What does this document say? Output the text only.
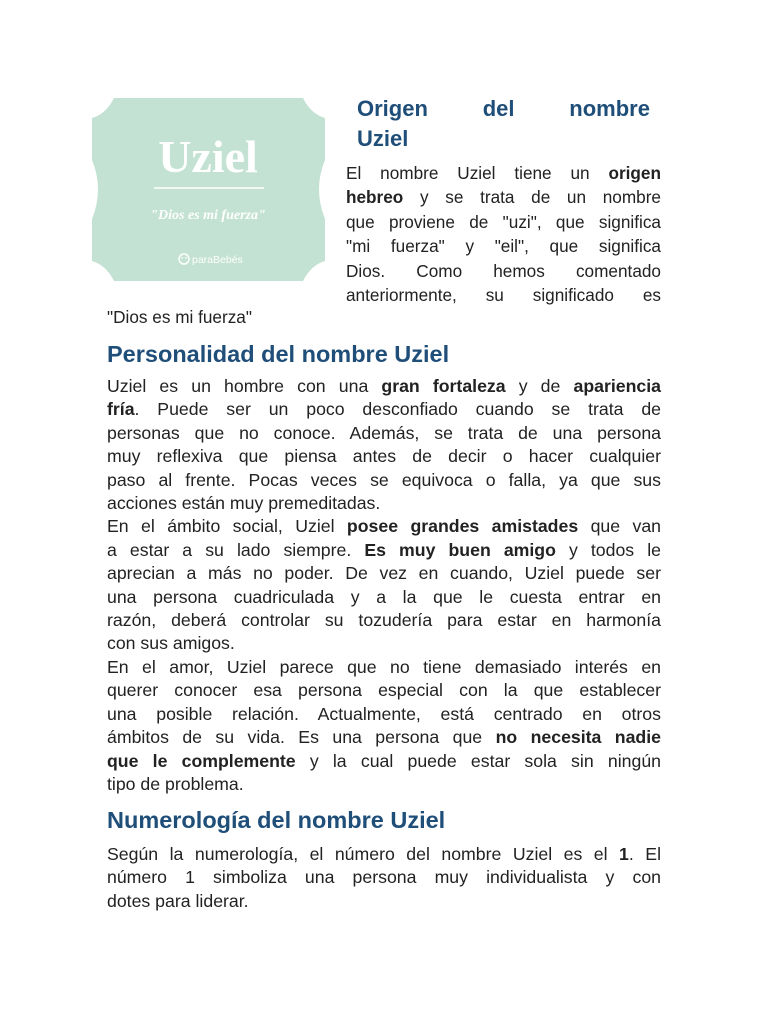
Uziel
"Dios es mi fuerza"
paraBebés
Origen del nombre
Uziel
El nombre Uziel tiene un origen
hebreo y se trata de un nombre
que proviene de "uzi", que significa
"mi fuerza" y "eil", que significa
Dios. Como hemos comentado
anteriormente, su significado es
"Dios es mi fuerza"
Personalidad del nombre Uziel
Uziel es un hombre con una gran fortaleza y de apariencia
fría. Puede ser un poco desconfiado cuando se trata de
personas que no conoce. Además, se trata de una persona
muy reflexiva que piensa antes de decir o hacer cualquier
paso al frente. Pocas veces se equivoca o falla, ya que sus
acciones están muy premeditadas.
En el ámbito social, Uziel posee grandes amistades que van
a estar a su lado siempre. Es muy buen amigo y todos le
aprecian a más no poder. De vez en cuando, Uziel puede ser
una persona cuadriculada y a la que le cuesta entrar en
razón, deberá controlar su tozudería para estar en harmonía
con sus amigos.
En el amor, Uziel parece que no tiene demasiado interés en
querer conocer esa persona especial con la que establecer
una posible relación. Actualmente, está centrado en otros
ámbitos de su vida. Es una persona que no necesita nadie
que le complemente y la cual puede estar sola sin ningún
tipo de problema.
Numerología del nombre Uziel
Según la numerología, el número del nombre Uziel es el 1. El
número 1 simboliza una persona muy individualista y con
dotes para liderar.
